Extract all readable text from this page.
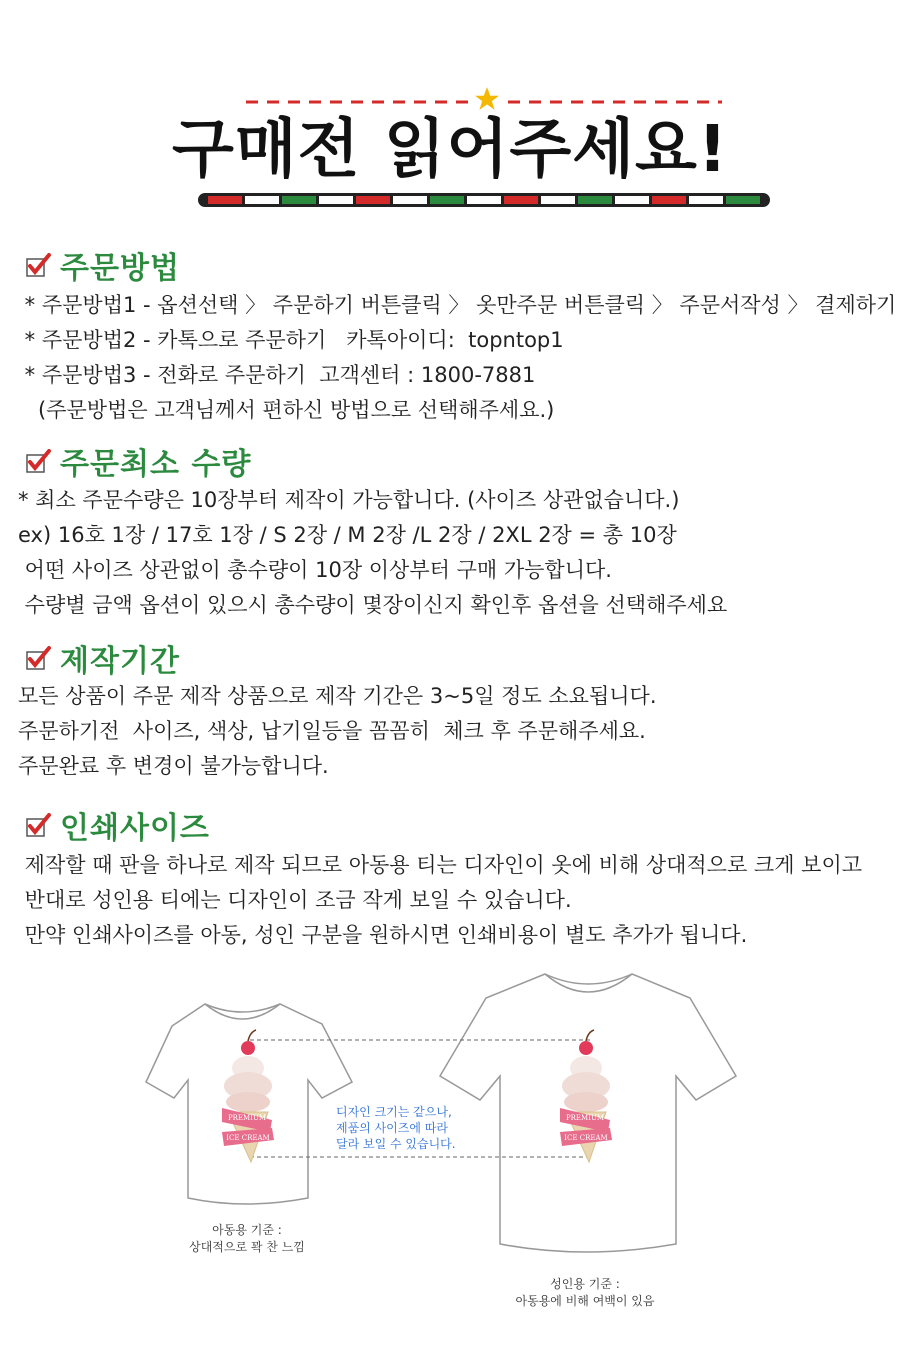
구매전 읽어주세요!
주문방법
* 주문방법1 - 옵션선택 〉 주문하기 버튼클릭 〉 옷만주문 버튼클릭 〉 주문서작성 〉 결제하기
* 주문방법2 - 카톡으로 주문하기   카톡아이디:  topntop1
* 주문방법3 - 전화로 주문하기  고객센터 : 1800-7881
(주문방법은 고객님께서 편하신 방법으로 선택해주세요.)
주문최소 수량
* 최소 주문수량은 10장부터 제작이 가능합니다. (사이즈 상관없습니다.)
ex) 16호 1장 / 17호 1장 / S 2장 / M 2장 /L 2장 / 2XL 2장 = 총 10장
어떤 사이즈 상관없이 총수량이 10장 이상부터 구매 가능합니다.
수량별 금액 옵션이 있으시 총수량이 몇장이신지 확인후 옵션을 선택해주세요
제작기간
모든 상품이 주문 제작 상품으로 제작 기간은 3~5일 정도 소요됩니다.
주문하기전  사이즈, 색상, 납기일등을 꼼꼼히  체크 후 주문해주세요.
주문완료 후 변경이 불가능합니다.
인쇄사이즈
제작할 때 판을 하나로 제작 되므로 아동용 티는 디자인이 옷에 비해 상대적으로 크게 보이고
반대로 성인용 티에는 디자인이 조금 작게 보일 수 있습니다.
만약 인쇄사이즈를 아동, 성인 구분을 원하시면 인쇄비용이 별도 추가가 됩니다.
PREMIUM
ICE CREAM
PREMIUM
ICE CREAM
디자인 크기는 같으나,
제품의 사이즈에 따라
달라 보일 수 있습니다.
아동용 기준 :
상대적으로 꽉 찬 느낌
성인용 기준 :
아동용에 비해 여백이 있음
